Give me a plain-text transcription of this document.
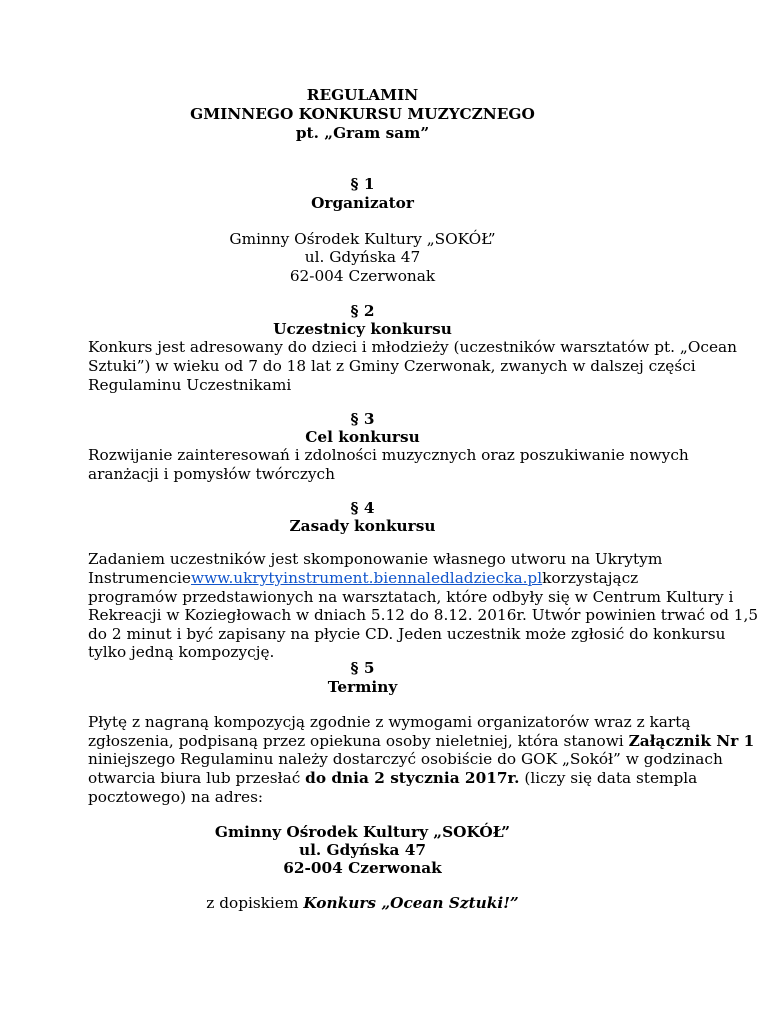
REGULAMIN
GMINNEGO KONKURSU MUZYCZNEGO
pt. „Gram sam”
§ 1
Organizator
Gminny Ośrodek Kultury „SOKÓŁ”
ul. Gdyńska 47
62-004 Czerwonak
§ 2
Uczestnicy konkursu
Konkurs jest adresowany do dzieci i młodzieży (uczestników warsztatów pt. „Ocean
Sztuki”) w wieku od 7 do 18 lat z Gminy Czerwonak, zwanych w dalszej części
Regulaminu Uczestnikami
§ 3
Cel konkursu
Rozwijanie zainteresowań i zdolności muzycznych oraz poszukiwanie nowych
aranżacji i pomysłów twórczych
§ 4
Zasady konkursu
Zadaniem uczestników jest skomponowanie własnego utworu na Ukrytym
Instrumencie www.ukrytyinstrument.biennaledladziecka.pl korzystając z
programów przedstawionych na warsztatach, które odbyły się w Centrum Kultury i
Rekreacji w Koziegłowach w dniach 5.12 do 8.12. 2016r. Utwór powinien trwać od 1,5
do 2 minut i być zapisany na płycie CD. Jeden uczestnik może zgłosić do konkursu
tylko jedną kompozycję.
§ 5
Terminy
Płytę z nagraną kompozycją zgodnie z wymogami organizatorów wraz z kartą
zgłoszenia, podpisaną przez opiekuna osoby nieletniej, która stanowi Załącznik Nr 1
niniejszego Regulaminu należy dostarczyć osobiście do GOK „Sokół” w godzinach
otwarcia biura lub przesłać do dnia 2 stycznia 2017r. (liczy się data stempla
pocztowego) na adres:
Gminny Ośrodek Kultury „SOKÓŁ”
ul. Gdyńska 47
62-004 Czerwonak
z dopiskiem Konkurs „Ocean Sztuki!”
